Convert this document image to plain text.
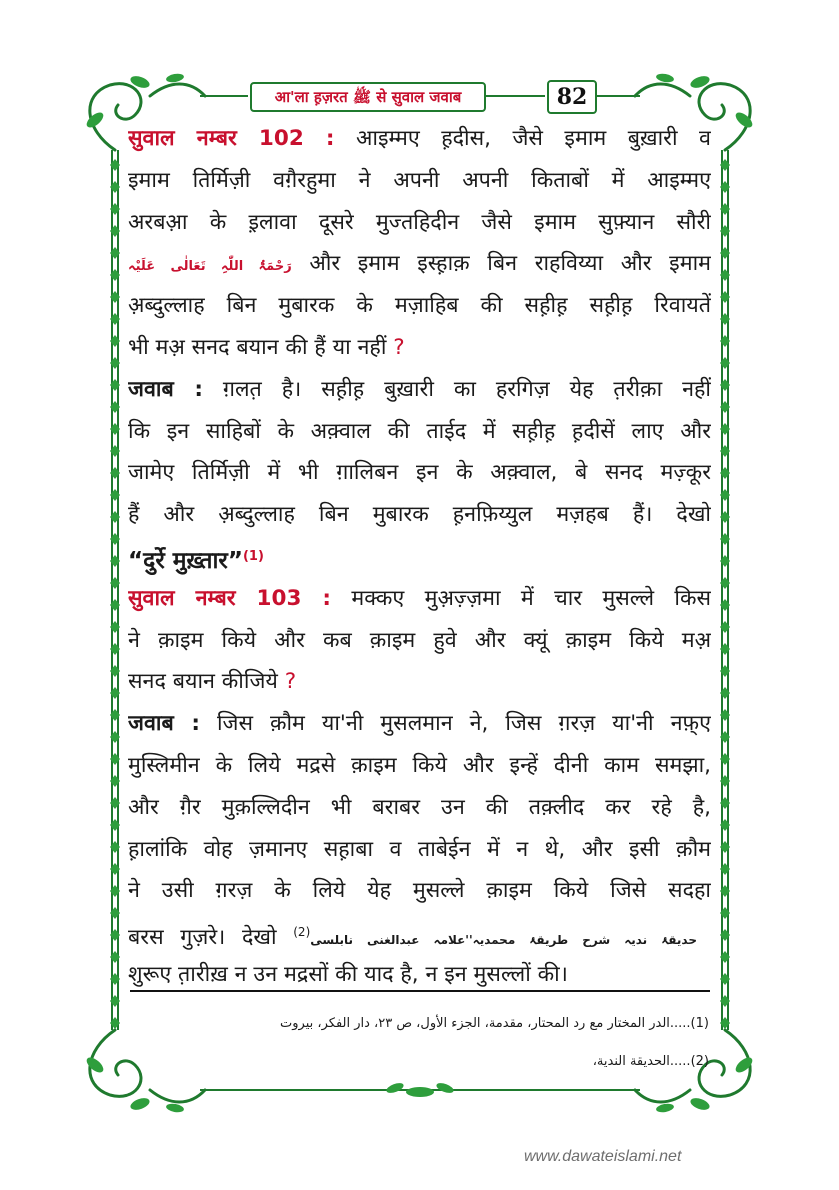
आ'ला ह़ज़रत ﷺ से सुवाल जवाब	82
सुवाल नम्बर 102 : आइम्मए ह़दीस, जैसे इमाम बुख़ारी व
इमाम तिर्मिज़ी वग़ैरहुमा ने अपनी अपनी किताबों में आइम्मए
अरबआ़ के इ़लावा दूसरे मुज्तहिदीन जैसे इमाम सुफ़्यान सौरी
رَحْمَۃُ اللّٰہِ تَعَالٰی عَلَیْہ और इमाम इस्ह़ाक़ बिन राहविय्या और इमाम
अ़ब्दुल्लाह बिन मुबारक के मज़ाहिब की सह़ीह़ सह़ीह़ रिवायतें
भी मअ़ सनद बयान की हैं या नहीं ?
जवाब : ग़लत़ है। सह़ीह़ बुख़ारी का हरगिज़ येह त़रीक़ा नहीं
कि इन साहिबों के अक़्वाल की ताईद में सह़ीह़ ह़दीसें लाए और
जामेए तिर्मिज़ी में भी ग़ालिबन इन के अक़्वाल, बे सनद मज़्कूर
हैं और अ़ब्दुल्लाह बिन मुबारक ह़नफ़िय्युल मज़हब हैं। देखो
“दुर्रे मुख़्तार”$^{(1)}$
सुवाल नम्बर 103 : मक्कए मुअ़ज़्ज़मा में चार मुसल्ले किस
ने क़ाइम किये और कब क़ाइम हुवे और क्यूं क़ाइम किये मअ़
सनद बयान कीजिये ?
जवाब : जिस क़ौम या'नी मुसलमान ने, जिस ग़रज़ या'नी नफ़्ए
मुस्लिमीन के लिये मद्रसे क़ाइम किये और इन्हें दीनी काम समझा,
और ग़ैर मुक़ल्लिदीन भी बराबर उन की तक़्लीद कर रहे है,
ह़ालांकि वोह ज़मानए सह़ाबा व ताबेईन में न थे, और इसी क़ौम
ने उसी ग़रज़ के लिये येह मुसल्ले क़ाइम किये जिसे सदहा
बरस गुज़रे। देखो $^{(2)}$ حدیقۂ ندیہ شرح طریقۂ محمدیہ''علامہ عبدالغنی نابلسی
शुरूए त़ारीख़ न उन मद्रसों की याद है, न इन मुसल्लों की।
(1).....الدر المختار مع رد المحتار، مقدمة، الجزء الأول، ص ٢٣، دار الفكر، بيروت
(2).....الحديقة الندية،
www.dawateislami.net
